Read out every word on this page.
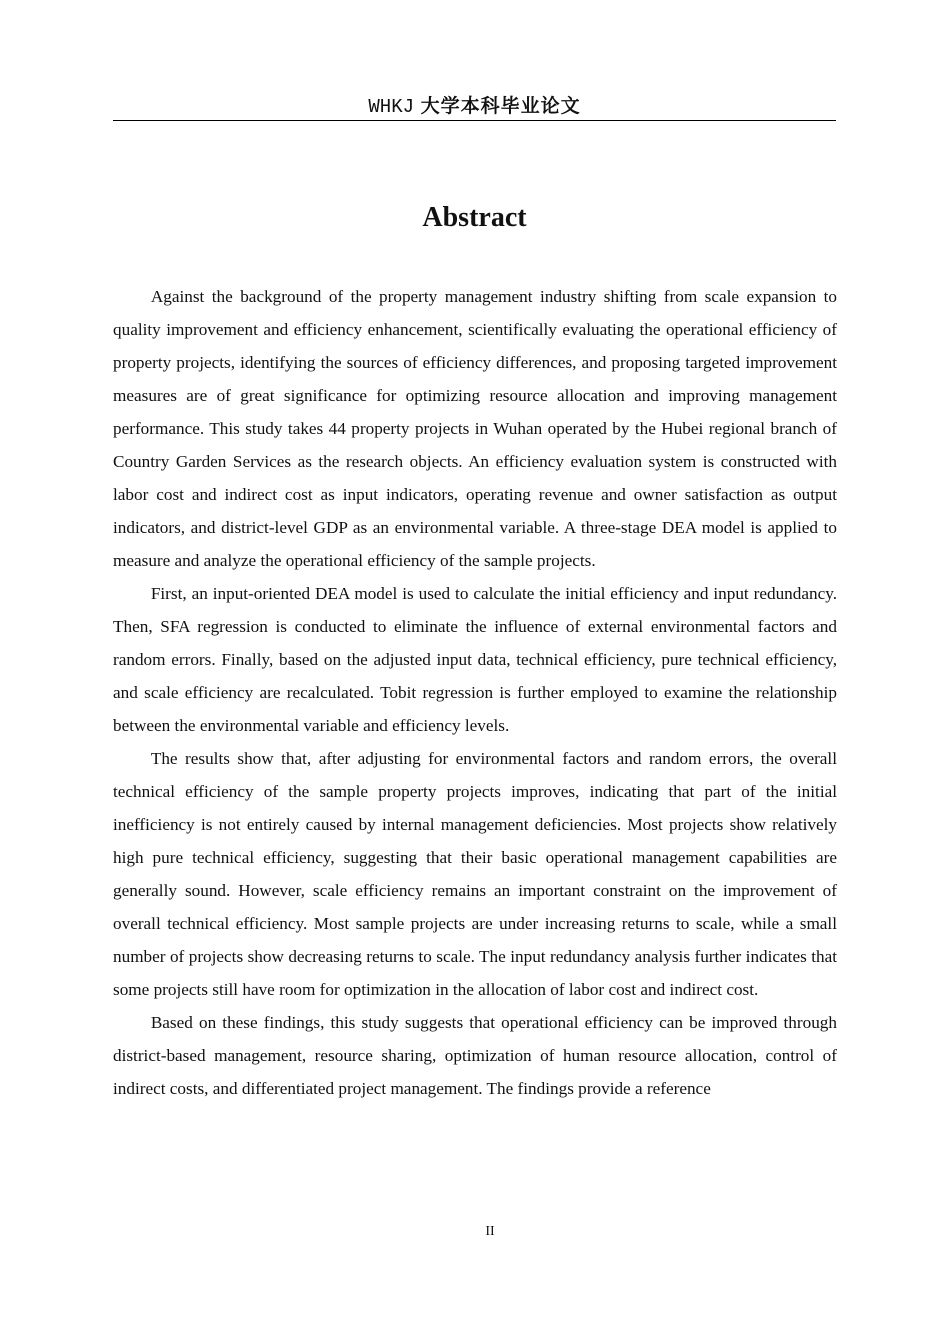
WHKJ 大学本科毕业论文
Abstract

Against the background of the property management industry shifting from scale expansion to quality improvement and efficiency enhancement, scientifically evaluating the operational efficiency of property projects, identifying the sources of efficiency differences, and proposing targeted improvement measures are of great significance for optimizing resource allocation and improving management performance. This study takes 44 property projects in Wuhan operated by the Hubei regional branch of Country Garden Services as the research objects. An efficiency evaluation system is constructed with labor cost and indirect cost as input indicators, operating revenue and owner satisfaction as output indicators, and district-level GDP as an environmental variable. A three-stage DEA model is applied to measure and analyze the operational efficiency of the sample projects.

First, an input-oriented DEA model is used to calculate the initial efficiency and input redundancy. Then, SFA regression is conducted to eliminate the influence of external environmental factors and random errors. Finally, based on the adjusted input data, technical efficiency, pure technical efficiency, and scale efficiency are recalculated. Tobit regression is further employed to examine the relationship between the environmental variable and efficiency levels.

The results show that, after adjusting for environmental factors and random errors, the overall technical efficiency of the sample property projects improves, indicating that part of the initial inefficiency is not entirely caused by internal management deficiencies. Most projects show relatively high pure technical efficiency, suggesting that their basic operational management capabilities are generally sound. However, scale efficiency remains an important constraint on the improvement of overall technical efficiency. Most sample projects are under increasing returns to scale, while a small number of projects show decreasing returns to scale. The input redundancy analysis further indicates that some projects still have room for optimization in the allocation of labor cost and indirect cost.

Based on these findings, this study suggests that operational efficiency can be improved through district-based management, resource sharing, optimization of human resource allocation, control of indirect costs, and differentiated project management. The findings provide a reference

II
